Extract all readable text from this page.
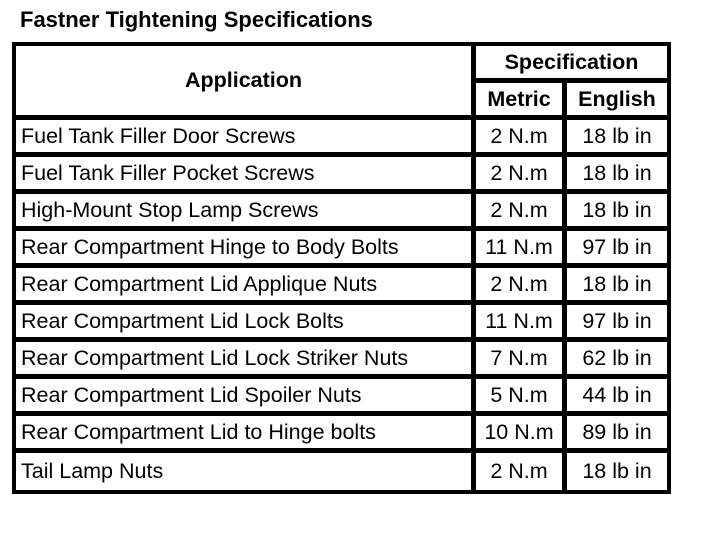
Fastner Tightening Specifications
Application	Specification	
	Metric	English
Fuel Tank Filler Door Screws	2 N.m	18 lb in
Fuel Tank Filler Pocket Screws	2 N.m	18 lb in
High-Mount Stop Lamp Screws	2 N.m	18 lb in
Rear Compartment Hinge to Body Bolts	11 N.m	97 lb in
Rear Compartment Lid Applique Nuts	2 N.m	18 lb in
Rear Compartment Lid Lock Bolts	11 N.m	97 lb in
Rear Compartment Lid Lock Striker Nuts	7 N.m	62 lb in
Rear Compartment Lid Spoiler Nuts	5 N.m	44 lb in
Rear Compartment Lid to Hinge bolts	10 N.m	89 lb in
Tail Lamp Nuts	2 N.m	18 lb in
